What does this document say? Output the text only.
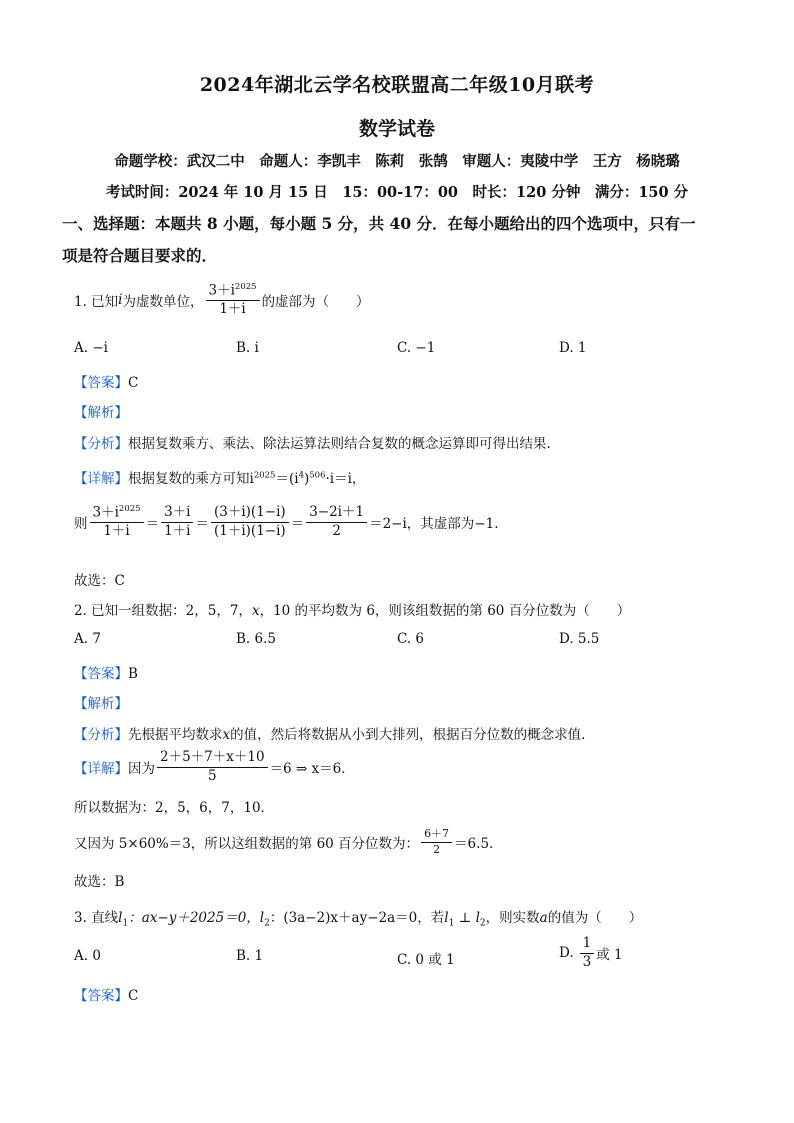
2024年湖北云学名校联盟高二年级10月联考
数学试卷
命题学校：武汉二中　命题人：李凯丰　陈莉　张鹄　审题人：夷陵中学　王方　杨晓璐
考试时间：2024 年 10 月 15 日　15：00-17：00　时长：120 分钟　满分：150 分
一、选择题：本题共 8 小题，每小题 5 分，共 40 分．在每小题给出的四个选项中，只有一
项是符合题目要求的．
1. 已知 i 为虚数单位， $\frac{3+i^{2025}}{1+i}$ 的虚部为（　　）
A. −i	B. i	C. −1	D. 1
【答案】C
【解析】
【分析】根据复数乘方、乘法、除法运算法则结合复数的概念运算即可得出结果.
【详解】根据复数的乘方可知$i^{2025}=(i^4)^{506}\cdot i=i$，
则 $\frac{3+i^{2025}}{1+i} = \frac{3+i}{1+i} = \frac{(3+i)(1-i)}{(1+i)(1-i)} = \frac{3-2i+1}{2} =2-i$，其虚部为−1.
故选：C
2. 已知一组数据：2，5，7，x，10 的平均数为 6，则该组数据的第 60 百分位数为（　　）
A. 7	B. 6.5	C. 6	D. 5.5
【答案】B
【解析】
【分析】先根据平均数求x的值，然后将数据从小到大排列，根据百分位数的概念求值.
【详解】 因为 $\frac{2+5+7+x+10}{5} =6$ ⇒ x＝6．
所以数据为：2，5，6，7，10．
又因为 5×60%＝3，所以这组数据的第 60 百分位数为： $\frac{6+7}{2} =6.5$．
故选：B
3. 直线$l_1$：ax−y＋2025＝0，$l_2$：(3a−2)x＋ay−2a＝0，若$l_1$ ⊥ $l_2$，则实数a的值为（　　）
A. 0	B. 1	C. 0 或 1	D. $\frac{1}{3}$ 或 1
【答案】C
